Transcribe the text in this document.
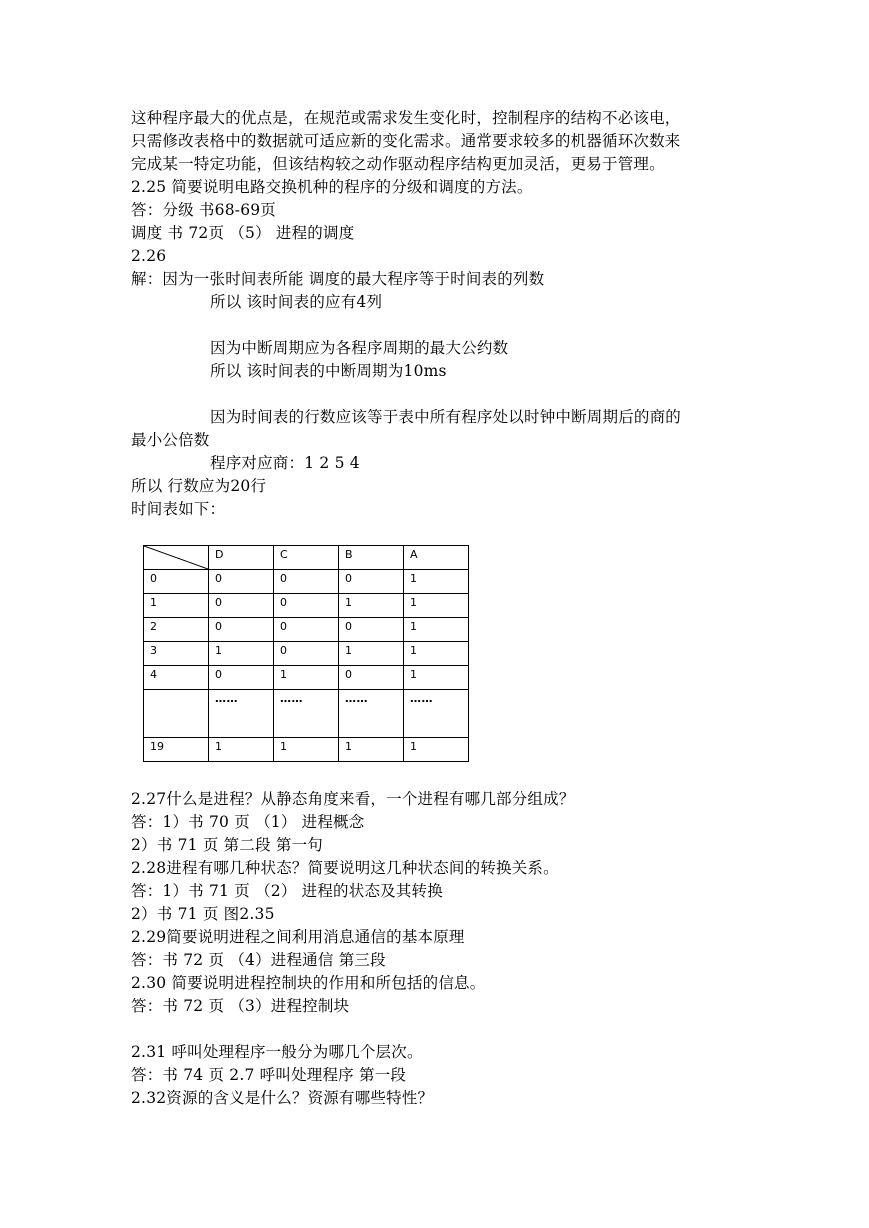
这种程序最大的优点是，在规范或需求发生变化时，控制程序的结构不必该电，
只需修改表格中的数据就可适应新的变化需求。通常要求较多的机器循环次数来
完成某一特定功能，但该结构较之动作驱动程序结构更加灵活，更易于管理。
2.25 简要说明电路交换机种的程序的分级和调度的方法。
答：分级 书68-69页
调度 书 72页 （5） 进程的调度
2.26
解：因为一张时间表所能 调度的最大程序等于时间表的列数
所以 该时间表的应有4列
因为中断周期应为各程序周期的最大公约数
所以 该时间表的中断周期为10ms
因为时间表的行数应该等于表中所有程序处以时钟中断周期后的商的
最小公倍数
程序对应商：1 2 5 4
所以 行数应为20行
时间表如下：
	D	C	B	A
0	0	0	0	1
1	0	0	1	1
2	0	0	0	1
3	1	0	1	1
4	0	1	0	1
	……	……	……	……
19	1	1	1	1
2.27什么是进程？从静态角度来看，一个进程有哪几部分组成？
答：1）书 70 页 （1） 进程概念
2）书 71 页 第二段 第一句
2.28进程有哪几种状态？简要说明这几种状态间的转换关系。
答：1）书 71 页 （2） 进程的状态及其转换
2）书 71 页 图2.35
2.29简要说明进程之间利用消息通信的基本原理
答：书 72 页 （4）进程通信 第三段
2.30 简要说明进程控制块的作用和所包括的信息。
答：书 72 页 （3）进程控制块
2.31 呼叫处理程序一般分为哪几个层次。
答：书 74 页 2.7 呼叫处理程序 第一段
2.32资源的含义是什么？资源有哪些特性？
